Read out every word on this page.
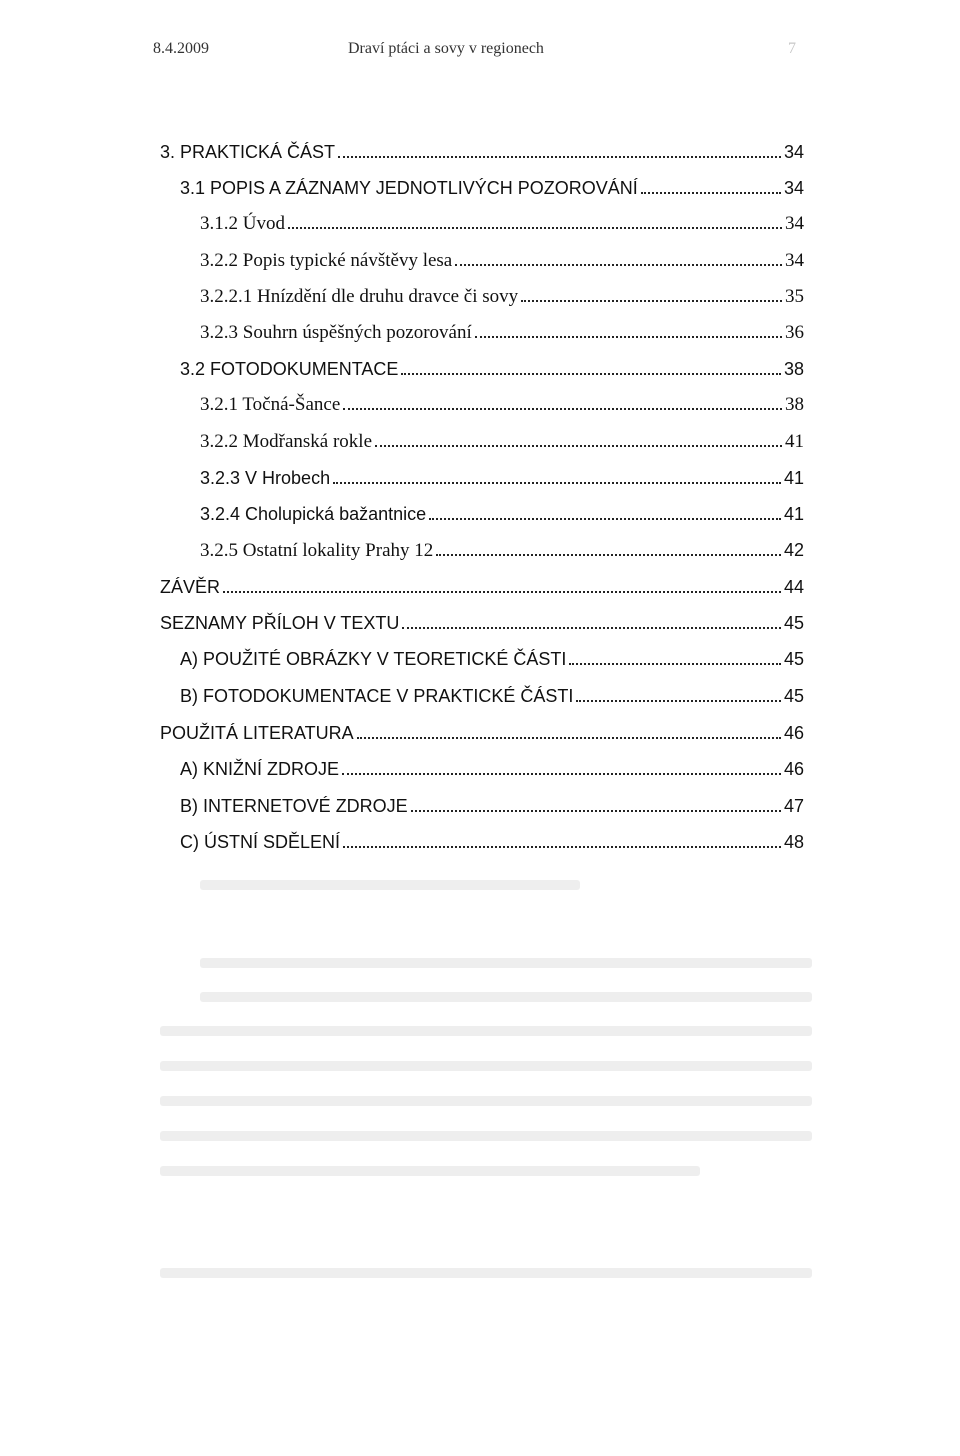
8.4.2009	Draví ptáci a sovy v regionech	7
3. PRAKTICKÁ ČÁST	34
3.1 POPIS A ZÁZNAMY JEDNOTLIVÝCH POZOROVÁNÍ	34
3.1.2 Úvod	34
3.2.2 Popis typické návštěvy lesa	34
3.2.2.1 Hnízdění dle druhu dravce či sovy	35
3.2.3 Souhrn úspěšných pozorování	36
3.2 FOTODOKUMENTACE	38
3.2.1 Točná-Šance	38
3.2.2 Modřanská rokle	41
3.2.3 V Hrobech	41
3.2.4 Cholupická bažantnice	41
3.2.5 Ostatní lokality Prahy 12	42
ZÁVĚR	44
SEZNAMY PŘÍLOH V TEXTU	45
A) POUŽITÉ OBRÁZKY V TEORETICKÉ ČÁSTI	45
B) FOTODOKUMENTACE V PRAKTICKÉ ČÁSTI	45
POUŽITÁ LITERATURA	46
A) KNIŽNÍ ZDROJE	46
B) INTERNETOVÉ ZDROJE	47
C) ÚSTNÍ SDĚLENÍ	48
